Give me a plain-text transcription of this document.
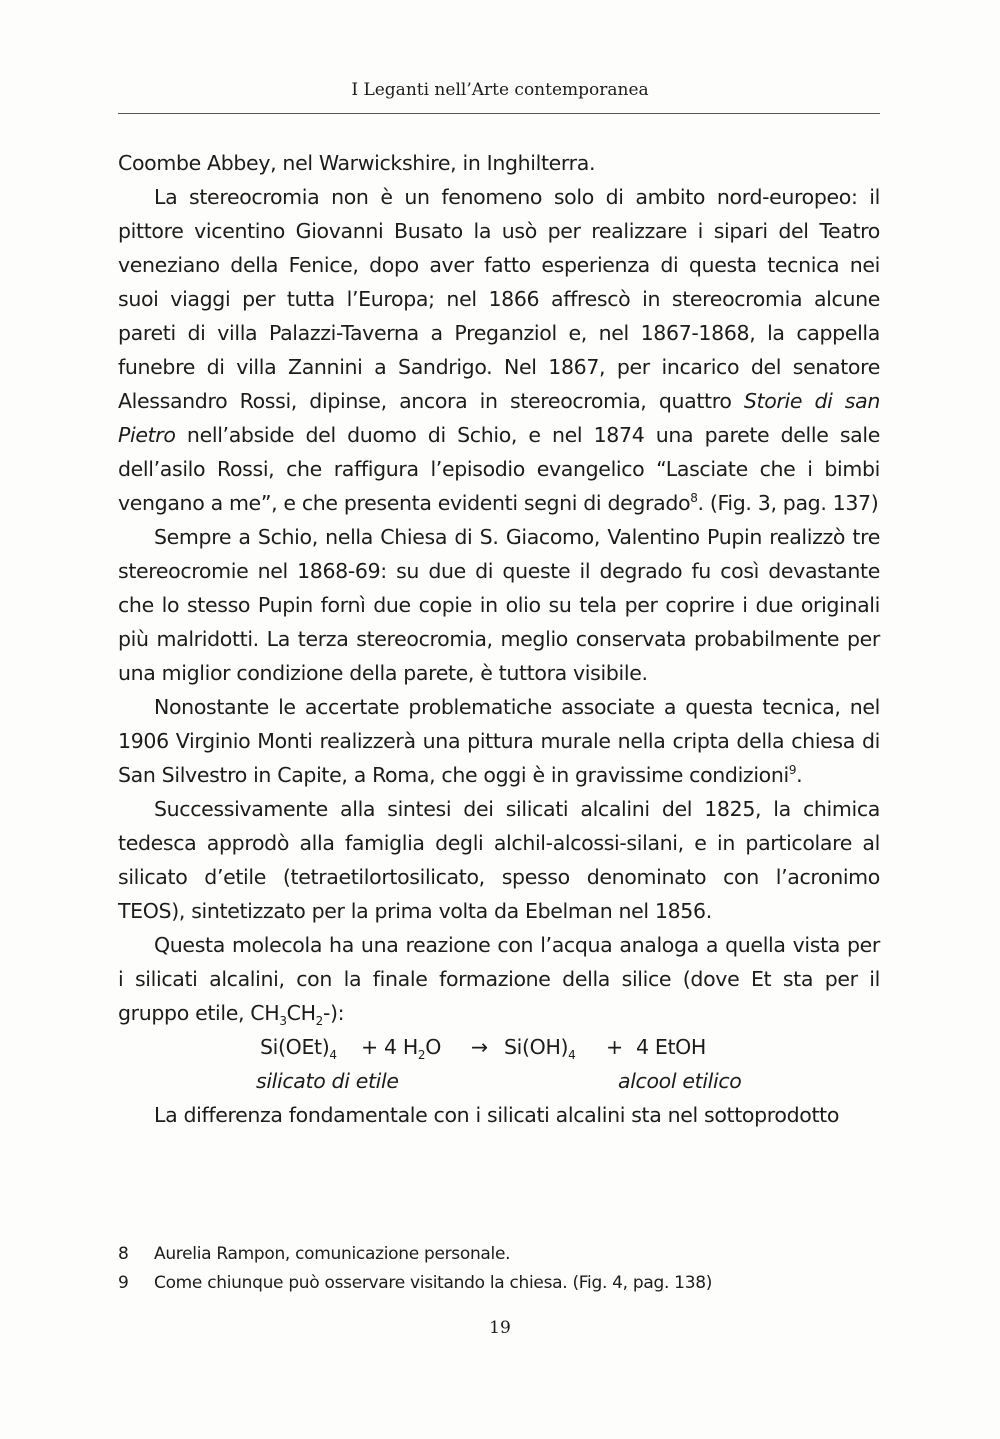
I Leganti nell’Arte contemporanea

Coombe Abbey, nel Warwickshire, in Inghilterra.

La stereocromia non è un fenomeno solo di ambito nord-europeo: il pittore vicentino Giovanni Busato la usò per realizzare i sipari del Teatro veneziano della Fenice, dopo aver fatto esperienza di questa tecnica nei suoi viaggi per tutta l’Europa; nel 1866 affrescò in stereocromia alcune pareti di villa Palazzi-Taverna a Preganziol e, nel 1867-1868, la cappella funebre di villa Zannini a Sandrigo. Nel 1867, per incarico del senatore Alessandro Rossi, dipinse, ancora in stereocromia, quattro Storie di san Pietro nell’abside del duomo di Schio, e nel 1874 una parete delle sale dell’asilo Rossi, che raffigura l’episodio evangelico “Lasciate che i bimbi vengano a me”, e che presenta evidenti segni di degrado$^8$. (Fig. 3, pag. 137)

Sempre a Schio, nella Chiesa di S. Giacomo, Valentino Pupin realizzò tre stereocromie nel 1868-69: su due di queste il degrado fu così devastante che lo stesso Pupin fornì due copie in olio su tela per coprire i due originali più malridotti. La terza stereocromia, meglio conservata probabilmente per una miglior condizione della parete, è tuttora visibile.

Nonostante le accertate problematiche associate a questa tecnica, nel 1906 Virginio Monti realizzerà una pittura murale nella cripta della chiesa di San Silvestro in Capite, a Roma, che oggi è in gravissime condizioni$^9$.

Successivamente alla sintesi dei silicati alcalini del 1825, la chimica tedesca approdò alla famiglia degli alchil-alcossi-silani, e in particolare al silicato d’etile (tetraetilortosilicato, spesso denominato con l’acronimo TEOS), sintetizzato per la prima volta da Ebelman nel 1856.

Questa molecola ha una reazione con l’acqua analoga a quella vista per i silicati alcalini, con la finale formazione della silice (dove Et sta per il gruppo etile, $CH_3CH_2-$):

$Si(OEt)_4 + 4$ $H_2O \to Si(OH)_4 + 4$ EtOH
silicato di etile	alcool etilico

La differenza fondamentale con i silicati alcalini sta nel sottoprodotto

8	Aurelia Rampon, comunicazione personale.
9	Come chiunque può osservare visitando la chiesa. (Fig. 4, pag. 138)
19
